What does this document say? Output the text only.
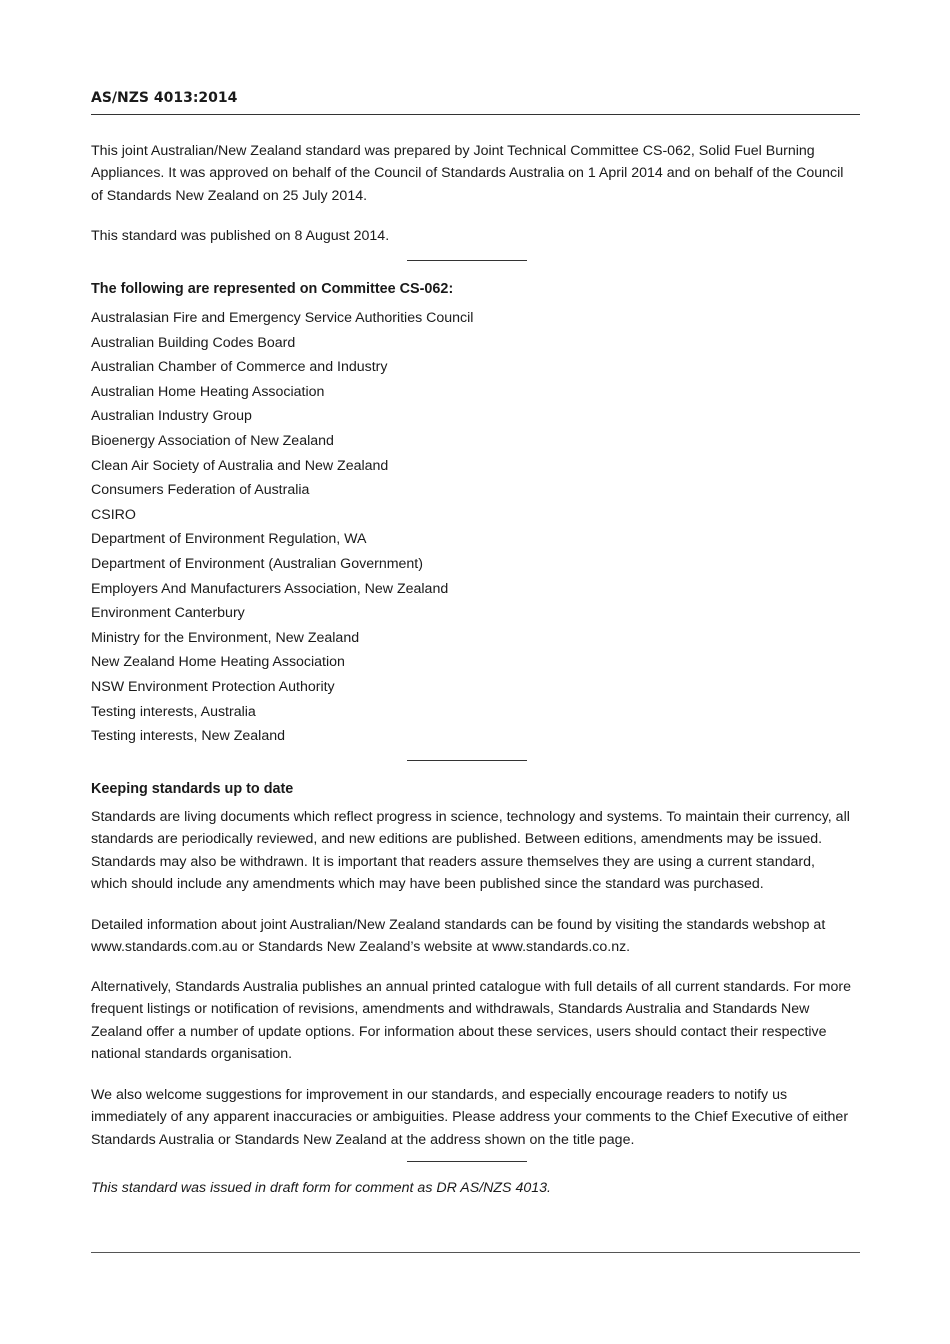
AS/NZS 4013:2014

This joint Australian/New Zealand standard was prepared by Joint Technical Committee CS-062, Solid Fuel Burning Appliances. It was approved on behalf of the Council of Standards Australia on 1 April 2014 and on behalf of the Council of Standards New Zealand on 25 July 2014.

This standard was published on 8 August 2014.

The following are represented on Committee CS-062:

Australasian Fire and Emergency Service Authorities Council
Australian Building Codes Board
Australian Chamber of Commerce and Industry
Australian Home Heating Association
Australian Industry Group
Bioenergy Association of New Zealand
Clean Air Society of Australia and New Zealand
Consumers Federation of Australia
CSIRO
Department of Environment Regulation, WA
Department of Environment (Australian Government)
Employers And Manufacturers Association, New Zealand
Environment Canterbury
Ministry for the Environment, New Zealand
New Zealand Home Heating Association
NSW Environment Protection Authority
Testing interests, Australia
Testing interests, New Zealand

Keeping standards up to date

Standards are living documents which reflect progress in science, technology and systems. To maintain their currency, all standards are periodically reviewed, and new editions are published. Between editions, amendments may be issued. Standards may also be withdrawn. It is important that readers assure themselves they are using a current standard, which should include any amendments which may have been published since the standard was purchased.

Detailed information about joint Australian/New Zealand standards can be found by visiting the standards webshop at www.standards.com.au or Standards New Zealand’s website at www.standards.co.nz.

Alternatively, Standards Australia publishes an annual printed catalogue with full details of all current standards. For more frequent listings or notification of revisions, amendments and withdrawals, Standards Australia and Standards New Zealand offer a number of update options. For information about these services, users should contact their respective national standards organisation.

We also welcome suggestions for improvement in our standards, and especially encourage readers to notify us immediately of any apparent inaccuracies or ambiguities. Please address your comments to the Chief Executive of either Standards Australia or Standards New Zealand at the address shown on the title page.

This standard was issued in draft form for comment as DR AS/NZS 4013.
